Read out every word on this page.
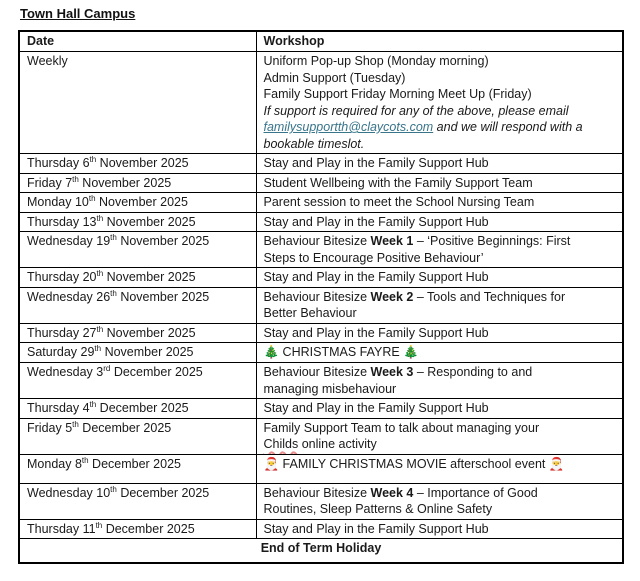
Town Hall Campus
Date	Workshop
Weekly	Uniform Pop-up Shop (Monday morning)
Admin Support (Tuesday)
Family Support Friday Morning Meet Up (Friday)
If support is required for any of the above, please email
familysupportth@claycots.com and we will respond with a
bookable timeslot.

Thursday 6th November 2025	Stay and Play in the Family Support Hub

Friday 7th November 2025	Student Wellbeing with the Family Support Team

Monday 10th November 2025	Parent session to meet the School Nursing Team

Thursday 13th November 2025	Stay and Play in the Family Support Hub

Wednesday 19th November 2025	Behaviour Bitesize Week 1 – ‘Positive Beginnings: First
Steps to Encourage Positive Behaviour’

Thursday 20th November 2025	Stay and Play in the Family Support Hub

Wednesday 26th November 2025	Behaviour Bitesize Week 2 – Tools and Techniques for
Better Behaviour

Thursday 27th November 2025	Stay and Play in the Family Support Hub

Saturday 29th November 2025	🎄 CHRISTMAS FAYRE 🎄

Wednesday 3rd December 2025	Behaviour Bitesize Week 3 – Responding to and
managing misbehaviour

Thursday 4th December 2025	Stay and Play in the Family Support Hub

Friday 5th December 2025	Family Support Team to talk about managing your
Childs online activity

Monday 8th December 2025	🎅 FAMILY CHRISTMAS MOVIE afterschool event 🎅

Wednesday 10th December 2025	Behaviour Bitesize Week 4 – Importance of Good
Routines, Sleep Patterns & Online Safety

Thursday 11th December 2025	Stay and Play in the Family Support Hub

End of Term Holiday	
